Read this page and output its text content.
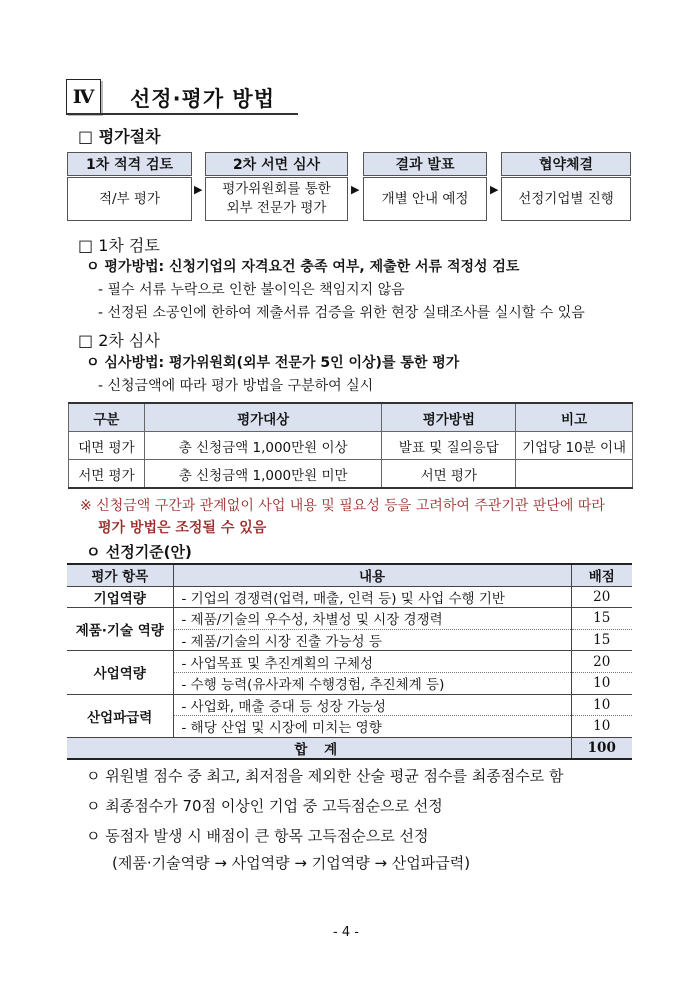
Ⅳ	선정·평가 방법
□ 평가절차
1차 적격 검토
적/부 평가
▶
2차 서면 심사
평가위원회를 통한
외부 전문가 평가
▶
결과 발표
개별 안내 예정
▶
협약체결
선정기업별 진행
□ 1차 검토
ㅇ 평가방법: 신청기업의 자격요건 충족 여부, 제출한 서류 적정성 검토
- 필수 서류 누락으로 인한 불이익은 책임지지 않음
- 선정된 소공인에 한하여 제출서류 검증을 위한 현장 실태조사를 실시할 수 있음
□ 2차 심사
ㅇ 심사방법: 평가위원회(외부 전문가 5인 이상)를 통한 평가
- 신청금액에 따라 평가 방법을 구분하여 실시
구분	평가대상	평가방법	비고
대면 평가	총 신청금액 1,000만원 이상	발표 및 질의응답	기업당 10분 이내
서면 평가	총 신청금액 1,000만원 미만	서면 평가	
※ 신청금액 구간과 관계없이 사업 내용 및 필요성 등을 고려하여 주관기관 판단에 따라
평가 방법은 조정될 수 있음
ㅇ 선정기준(안)
평가 항목	내용	배점
기업역량	- 기업의 경쟁력(업력, 매출, 인력 등) 및 사업 수행 기반	20
제품·기술 역량	- 제품/기술의 우수성, 차별성 및 시장 경쟁력	15
	- 제품/기술의 시장 진출 가능성 등	15
사업역량	- 사업목표 및 추진계획의 구체성	20
	- 수행 능력(유사과제 수행경험, 추진체계 등)	10
산업파급력	- 사업화, 매출 증대 등 성장 가능성	10
	- 해당 산업 및 시장에 미치는 영향	10
합 계		100
ㅇ 위원별 점수 중 최고, 최저점을 제외한 산술 평균 점수를 최종점수로 함
ㅇ 최종점수가 70점 이상인 기업 중 고득점순으로 선정
ㅇ 동점자 발생 시 배점이 큰 항목 고득점순으로 선정
(제품·기술역량 → 사업역량 → 기업역량 → 산업파급력)
- 4 -
